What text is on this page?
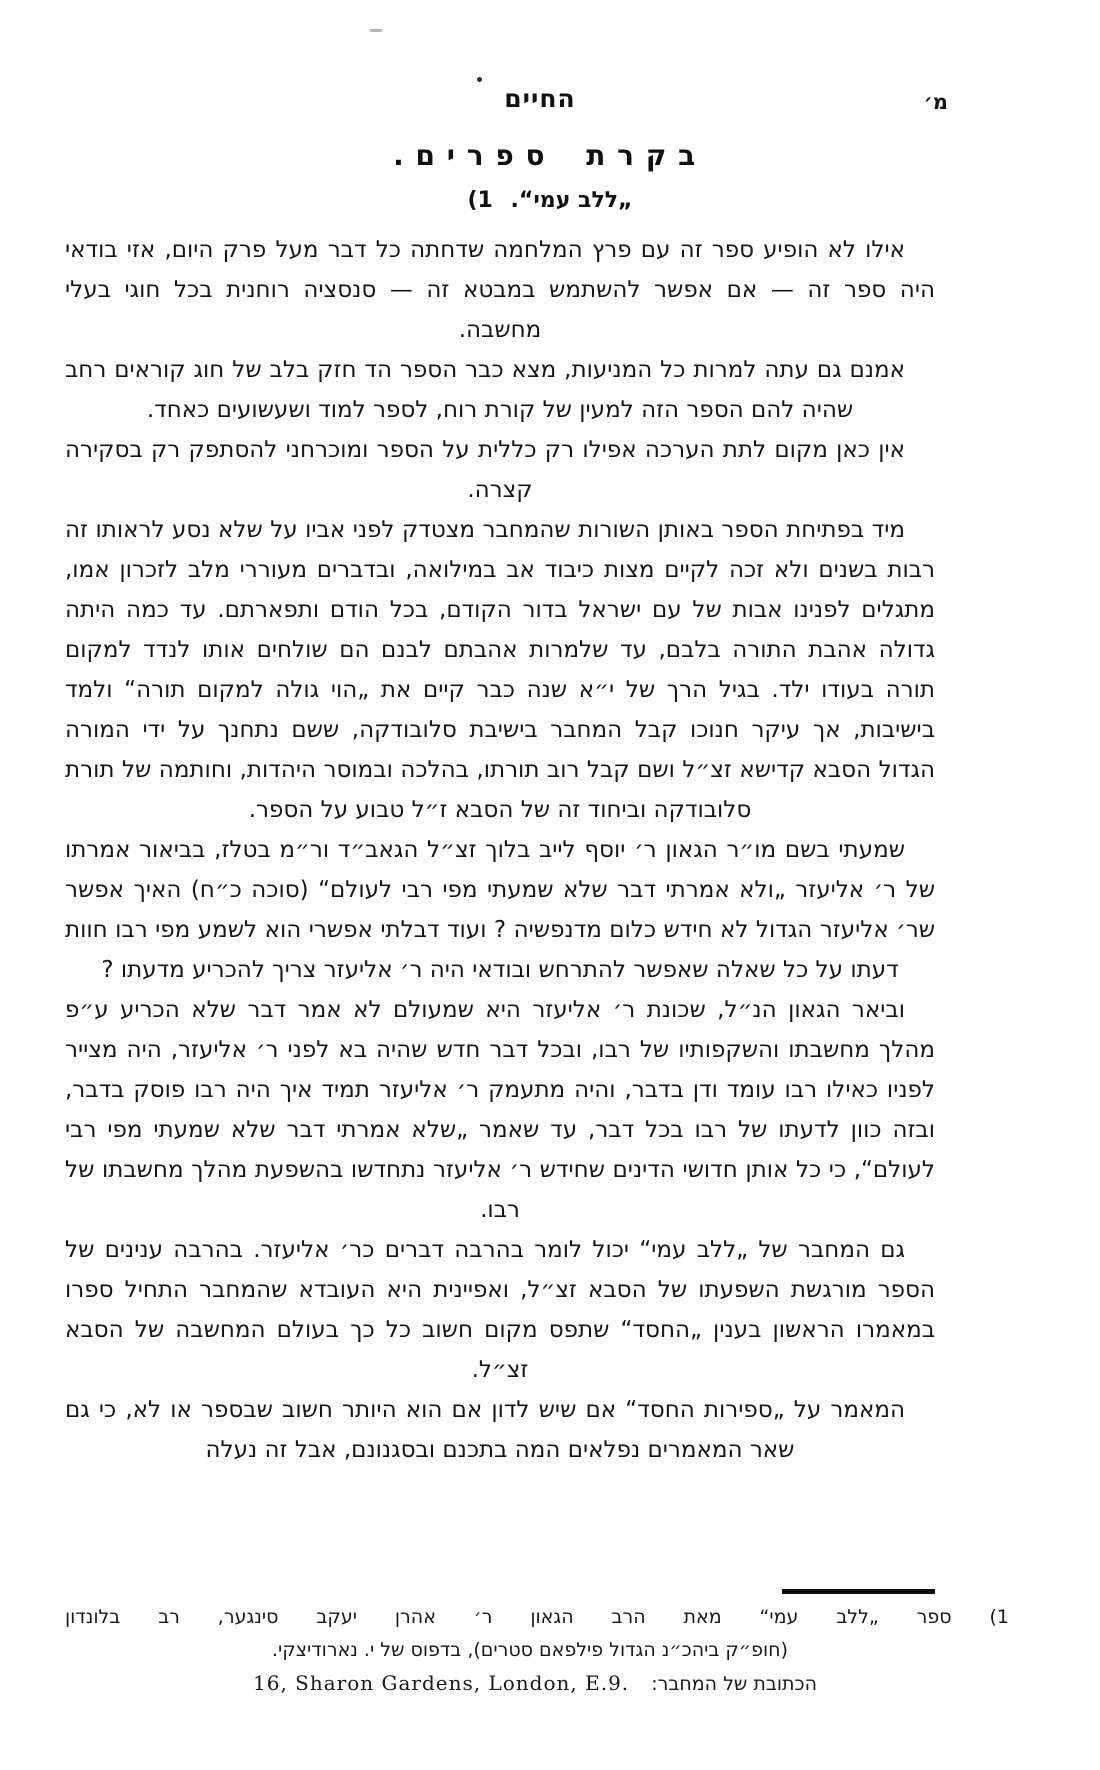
מ׳
החיים
בקרת ספרים.
„ללב עמי“. (1

אילו לא הופיע ספר זה עם פרץ המלחמה שדחתה כל דבר מעל פרק היום, אזי בודאי היה ספר זה — אם אפשר להשתמש במבטא זה — סנסציה רוחנית בכל חוגי בעלי מחשבה.

אמנם גם עתה למרות כל המניעות, מצא כבר הספר הד חזק בלב של חוג קוראים רחב שהיה להם הספר הזה למעין של קורת רוח, לספר למוד ושעשועים כאחד.

אין כאן מקום לתת הערכה אפילו רק כללית על הספר ומוכרחני להסתפק רק בסקירה קצרה.

מיד בפתיחת הספר באותן השורות שהמחבר מצטדק לפני אביו על שלא נסע לראותו זה רבות בשנים ולא זכה לקיים מצות כיבוד אב במילואה, ובדברים מעוררי מלב לזכרון אמו, מתגלים לפנינו אבות של עם ישראל בדור הקודם, בכל הודם ותפארתם. עד כמה היתה גדולה אהבת התורה בלבם, עד שלמרות אהבתם לבנם הם שולחים אותו לנדד למקום תורה בעודו ילד. בגיל הרך של י״א שנה כבר קיים את „הוי גולה למקום תורה“ ולמד בישיבות, אך עיקר חנוכו קבל המחבר בישיבת סלובודקה, ששם נתחנך על ידי המורה הגדול הסבא קדישא זצ״ל ושם קבל רוב תורתו, בהלכה ובמוסר היהדות, וחותמה של תורת סלובודקה וביחוד זה של הסבא ז״ל טבוע על הספר.

שמעתי בשם מו״ר הגאון ר׳ יוסף לייב בלוך זצ״ל הגאב״ד ור״מ בטלז, בביאור אמרתו של ר׳ אליעזר „ולא אמרתי דבר שלא שמעתי מפי רבי לעולם“ (סוכה כ״ח) האיך אפשר שר׳ אליעזר הגדול לא חידש כלום מדנפשיה ? ועוד דבלתי אפשרי הוא לשמע מפי רבו חוות דעתו על כל שאלה שאפשר להתרחש ובודאי היה ר׳ אליעזר צריך להכריע מדעתו ?

וביאר הגאון הנ״ל, שכונת ר׳ אליעזר היא שמעולם לא אמר דבר שלא הכריע ע״פ מהלך מחשבתו והשקפותיו של רבו, ובכל דבר חדש שהיה בא לפני ר׳ אליעזר, היה מצייר לפניו כאילו רבו עומד ודן בדבר, והיה מתעמק ר׳ אליעזר תמיד איך היה רבו פוסק בדבר, ובזה כוון לדעתו של רבו בכל דבר, עד שאמר „שלא אמרתי דבר שלא שמעתי מפי רבי לעולם“, כי כל אותן חדושי הדינים שחידש ר׳ אליעזר נתחדשו בהשפעת מהלך מחשבתו של רבו.

גם המחבר של „ללב עמי“ יכול לומר בהרבה דברים כר׳ אליעזר. בהרבה ענינים של הספר מורגשת השפעתו של הסבא זצ״ל, ואפיינית היא העובדא שהמחבר התחיל ספרו במאמרו הראשון בענין „החסד“ שתפס מקום חשוב כל כך בעולם המחשבה של הסבא זצ״ל.

המאמר על „ספירות החסד“ אם שיש לדון אם הוא היותר חשוב שבספר או לא, כי גם שאר המאמרים נפלאים המה בתכנם ובסגנונם, אבל זה נעלה

(1 ספר „ללב עמי“ מאת הרב הגאון ר׳ אהרן יעקב סינגער, רב בלונדון

(חופ״ק ביהכ״נ הגדול פילפאם סטרים), בדפוס של י. נארודיצקי.

הכתובת של המחבר: 16, Sharon Gardens, London, E.9.
